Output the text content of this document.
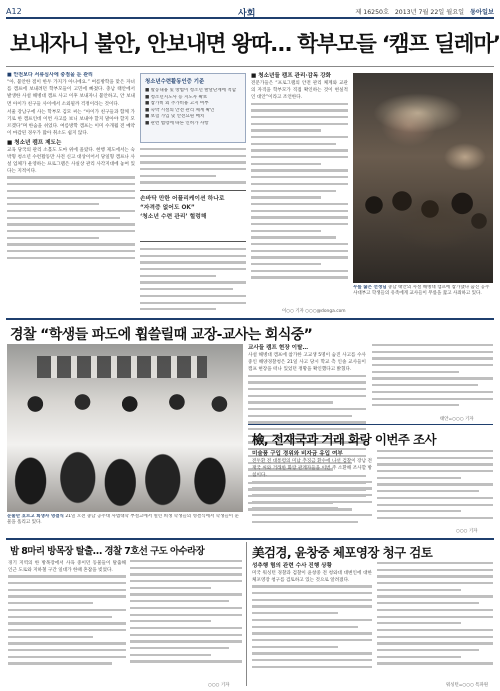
A12	사회	제 16250호 2013년 7월 22일 월요일 동아일보
보내자니 불안, 안보내면 왕따… 학부모들 ‘캠프 딜레마’
■ 안전보다 서류심사에 중점을 둔 관리

“아, 불안한 점이 한두 가지가 아니에요.” 여름방학을 맞은 자녀를 캠프에 보내려던 학부모들이 고민에 빠졌다. 충남 태안에서 발생한 사설 해병대 캠프 사고 이후 보내자니 불안하고, 안 보내면 아이가 친구들 사이에서 소외될까 걱정이라는 것이다.

서울 강남구에 사는 학부모 김모 씨는 “아이가 친구들과 함께 가기로 한 캠프인데 이번 사고를 보니 보내야 할지 말아야 할지 모르겠다”며 한숨을 쉬었다. 여름방학 캠프는 이미 수개월 전 예약이 마감된 경우가 많아 취소도 쉽지 않다.

■ 청소년 캠프 제도는

교육 당국의 관리 소홀도 도마 위에 올랐다. 현행 제도에서는 숙박형 청소년 수련활동만 사전 신고 대상이어서 당일형 캠프나 사설 업체가 운영하는 프로그램은 사실상 관리 사각지대에 놓여 있다는 지적이다.

청소년수련활동인증 기준
■ 활동내용 및 방법이 청소년 발달단계에 적합
■ 청소년지도사 등 지도자 확보
■ 참가비 외 추가비용 고지 여부
■ 숙박 시설의 안전 관리 체계 확인
■ 보험 가입 및 안전요원 배치
■ 관련 법령에 따른 인허가 사항
손바닥 만한 어플리케이션 하나로
“자격증 없어도 OK”
‘청소년 수련 관리’ 헐렁해
■ 청소년들 캠프 관리·감독 강화

전문가들은 “프로그램의 안전 관리 체계와 교관의 자격을 학부모가 직접 확인하는 것이 현실적인 대안”이라고 조언한다.

이○○ 기자 ○○○@donga.com
무릎 꿇은 선생님 충남 태안의 사설 해병대 캠프에 참가했다 숨진 공주사대부고 학생들의 유족에게 교사들이 무릎을 꿇고 사죄하고 있다.
경찰 “학생들 파도에 휩쓸릴때 교장-교사는 회식중”
눈물만 흐르고 희생자 영결식 21일 오전 충남 공주대 사범대학 부설고에서 열린 희생 학생들의 영결식에서 학생들이 눈물을 흘리고 있다.
교사들 캠프 현장 이탈…

사설 해병대 캠프에 참가한 고교생 5명이 숨진 사고를 수사 중인 해양경찰청은 21일 사고 당시 학교 측 인솔 교사들이 캠프 현장을 떠나 있었던 정황을 확인했다고 밝혔다.

태안=○○○ 기자
檢, 전재국과 거래 화랑 이번주 조사
미술품 구입 경위와 비자금 유입 여부

전두환 전 대통령의 미납 추징금 환수에 나선 검찰이 장남 전재국 씨와 거래한 화랑 관계자들을 이번 주 소환해 조사할 방침이다.

○○○ 기자
밤 8마리 방목장 탈출… 경찰 7호선 구도 아수라장

경기 지역의 한 방목장에서 사육 중이던 동물들이 탈출해 인근 도로와 지하철 구간 일대가 한때 혼잡을 빚었다.

○○○ 기자
美검경, 윤창중 체포영장 청구 검토
성추행 혐의 관련 수사 진행 상황

미국 워싱턴 경찰과 검찰이 윤창중 전 청와대 대변인에 대한 체포영장 청구를 검토하고 있는 것으로 알려졌다.

워싱턴=○○○ 특파원
